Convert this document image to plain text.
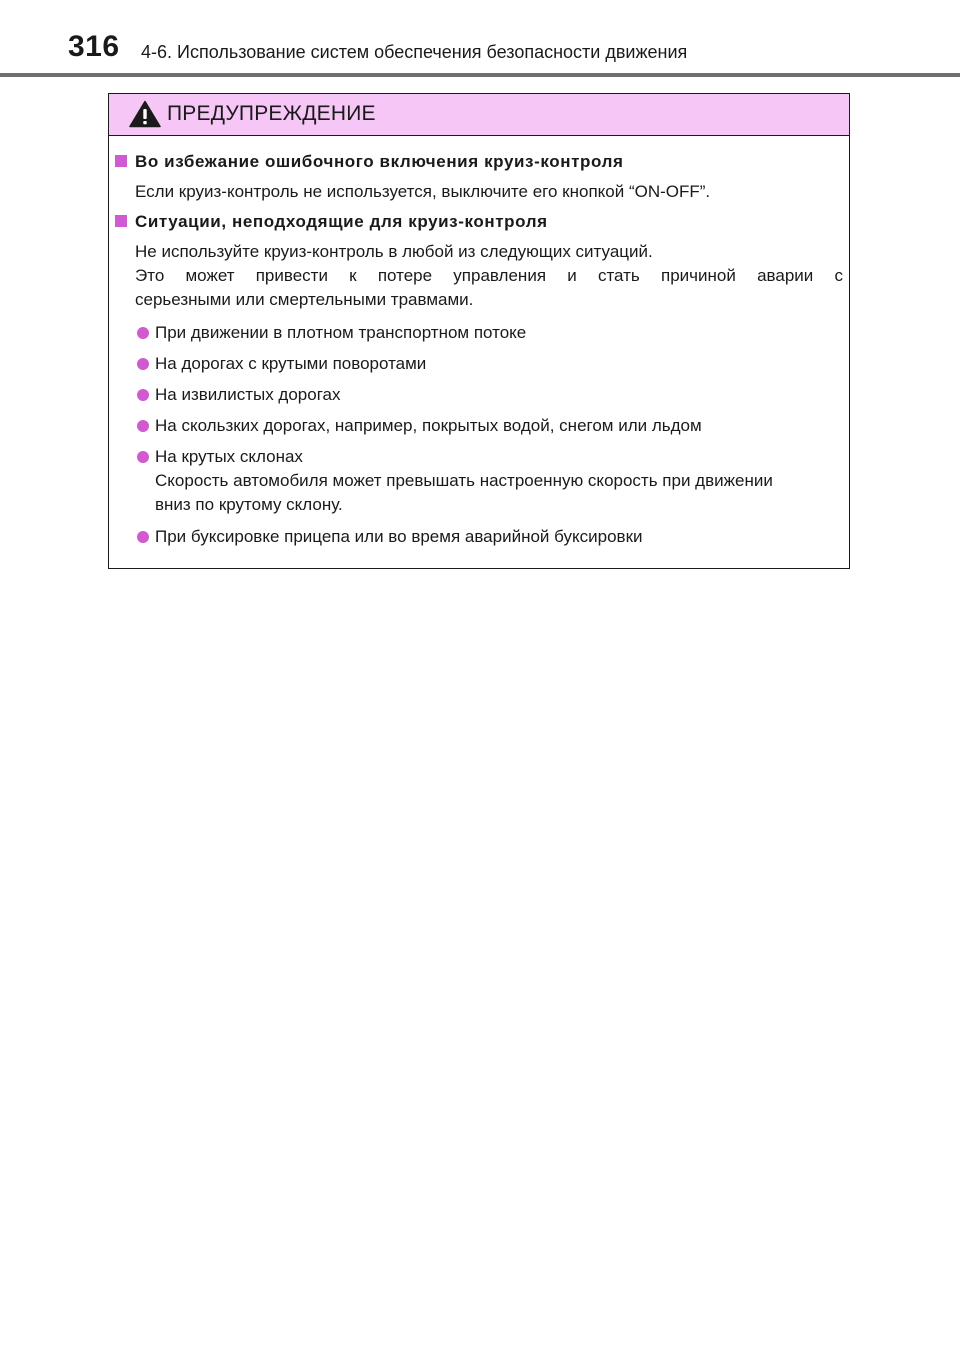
316 4-6. Использование систем обеспечения безопасности движения
ПРЕДУПРЕЖДЕНИЕ
Во избежание ошибочного включения круиз-контроля
Если круиз-контроль не используется, выключите его кнопкой “ON-OFF”.
Ситуации, неподходящие для круиз-контроля
Не используйте круиз-контроль в любой из следующих ситуаций.
Это может привести к потере управления и стать причиной аварии с
серьезными или смертельными травмами.
При движении в плотном транспортном потоке
На дорогах с крутыми поворотами
На извилистых дорогах
На скользких дорогах, например, покрытых водой, снегом или льдом
На крутых склонах
Скорость автомобиля может превышать настроенную скорость при движении
вниз по крутому склону.
При буксировке прицепа или во время аварийной буксировки
